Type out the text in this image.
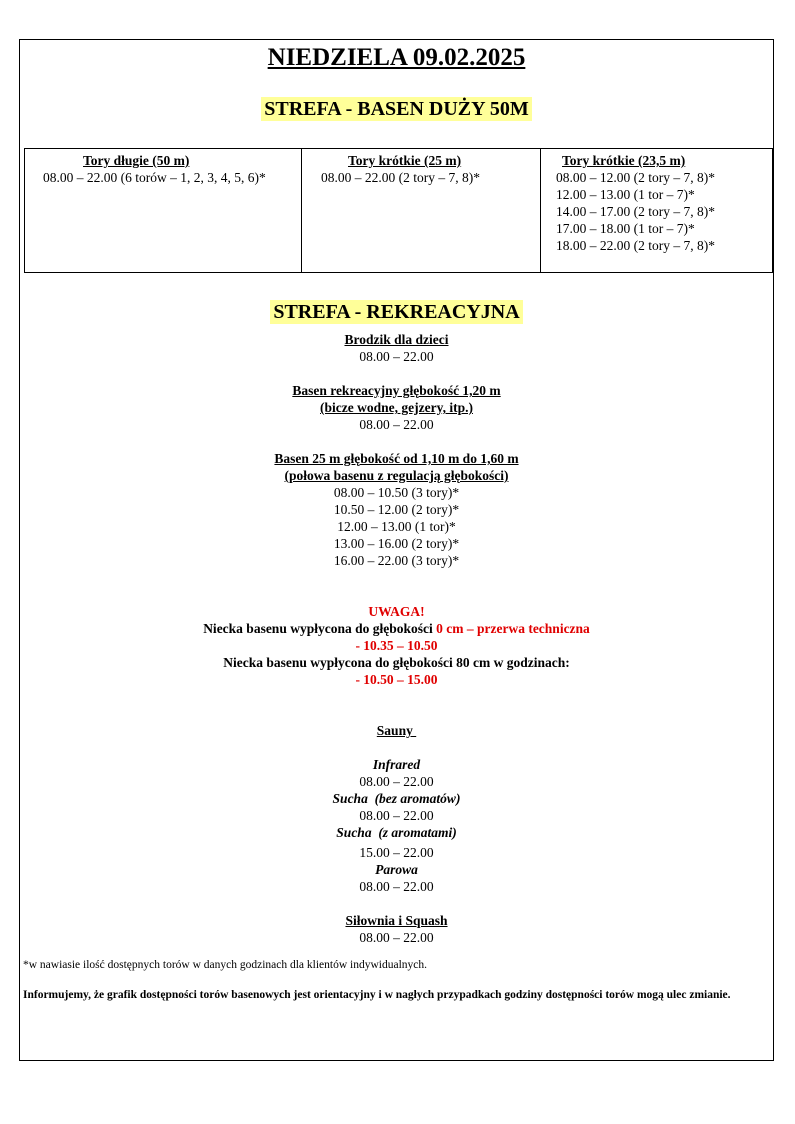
NIEDZIELA 09.02.2025
STREFA - BASEN DUŻY 50M
Tory długie (50 m)
08.00 – 22.00 (6 torów – 1, 2, 3, 4, 5, 6)*

Tory krótkie (25 m)
08.00 – 22.00 (2 tory – 7, 8)*

Tory krótkie (23,5 m)
08.00 – 12.00 (2 tory – 7, 8)*
12.00 – 13.00 (1 tor – 7)*
14.00 – 17.00 (2 tory – 7, 8)*
17.00 – 18.00 (1 tor – 7)*
18.00 – 22.00 (2 tory – 7, 8)*
STREFA - REKREACYJNA
Brodzik dla dzieci
08.00 – 22.00
Basen rekreacyjny głębokość 1,20 m
(bicze wodne, gejzery, itp.)
08.00 – 22.00
Basen 25 m głębokość od 1,10 m do 1,60 m
(połowa basenu z regulacją głębokości)
08.00 – 10.50 (3 tory)*
10.50 – 12.00 (2 tory)*
12.00 – 13.00 (1 tor)*
13.00 – 16.00 (2 tory)*
16.00 – 22.00 (3 tory)*
UWAGA!
Niecka basenu wypłycona do głębokości 0 cm – przerwa techniczna
- 10.35 – 10.50
Niecka basenu wypłycona do głębokości 80 cm w godzinach:
- 10.50 – 15.00
Sauny
Infrared
08.00 – 22.00
Sucha  (bez aromatów)
08.00 – 22.00
Sucha  (z aromatami)
15.00 – 22.00
Parowa
08.00 – 22.00
Siłownia i Squash
08.00 – 22.00
*w nawiasie ilość dostępnych torów w danych godzinach dla klientów indywidualnych.
Informujemy, że grafik dostępności torów basenowych jest orientacyjny i w nagłych przypadkach godziny dostępności torów mogą ulec zmianie.
